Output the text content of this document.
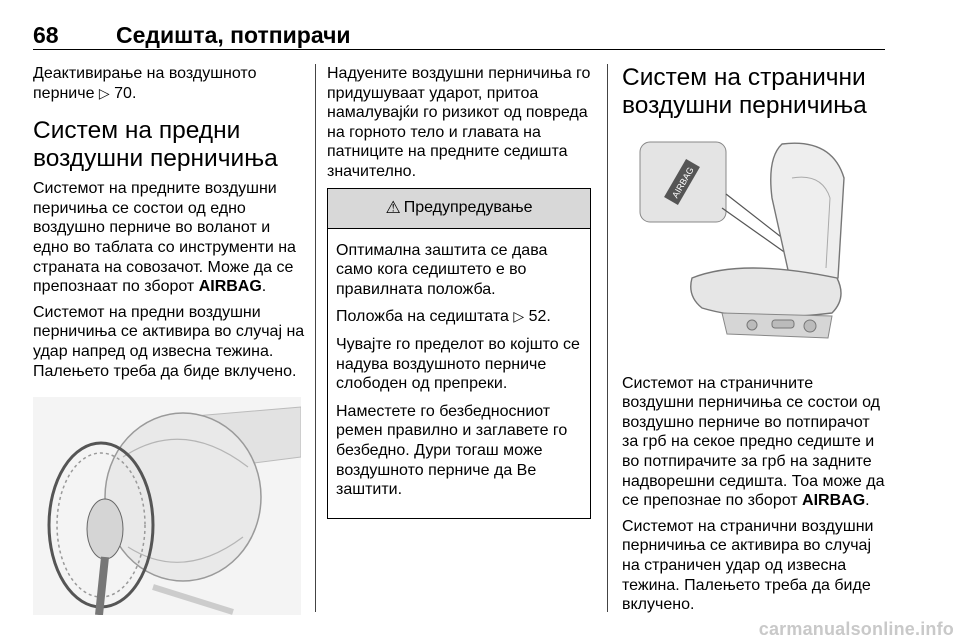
68 Седишта, потпирачи

Деактивирање на воздушното перниче ▷ 70.

Систем на предни воздушни перничиња

Системот на предните воздушни перичиња се состои од едно воздушно перниче во воланот и едно во таблата со инструменти на страната на совозачот. Може да се препознаат по зборот AIRBAG.

Системот на предни воздушни перничиња се активира во случај на удар напред од извесна тежина. Палењето треба да биде вклучено.

Надуените воздушни перничиња го придушуваат ударот, притоа намалувајќи го ризикот од повреда на горното тело и главата на патниците на предните седишта значително.

⚠ Предупредување

Оптимална заштита се дава само кога седиштето е во правилната положба.

Положба на седиштата ▷ 52.

Чувајте го пределот во којшто се надува воздушното перниче слободен од препреки.

Наместете го безбедносниот ремен правилно и заглавете го безбедно. Дури тогаш може воздушното перниче да Ве заштити.

Систем на странични воздушни перничиња
AIRBAG

Системот на страничните воздушни перничиња се состои од воздушно перниче во потпирачот за грб на секое предно седиште и во потпирачите за грб на задните надворешни седишта. Тоа може да се препознае по зборот AIRBAG.

Системот на странични воздушни перничиња се активира во случај на страничен удар од извесна тежина. Палењето треба да биде вклучено.

carmanualsonline.info
